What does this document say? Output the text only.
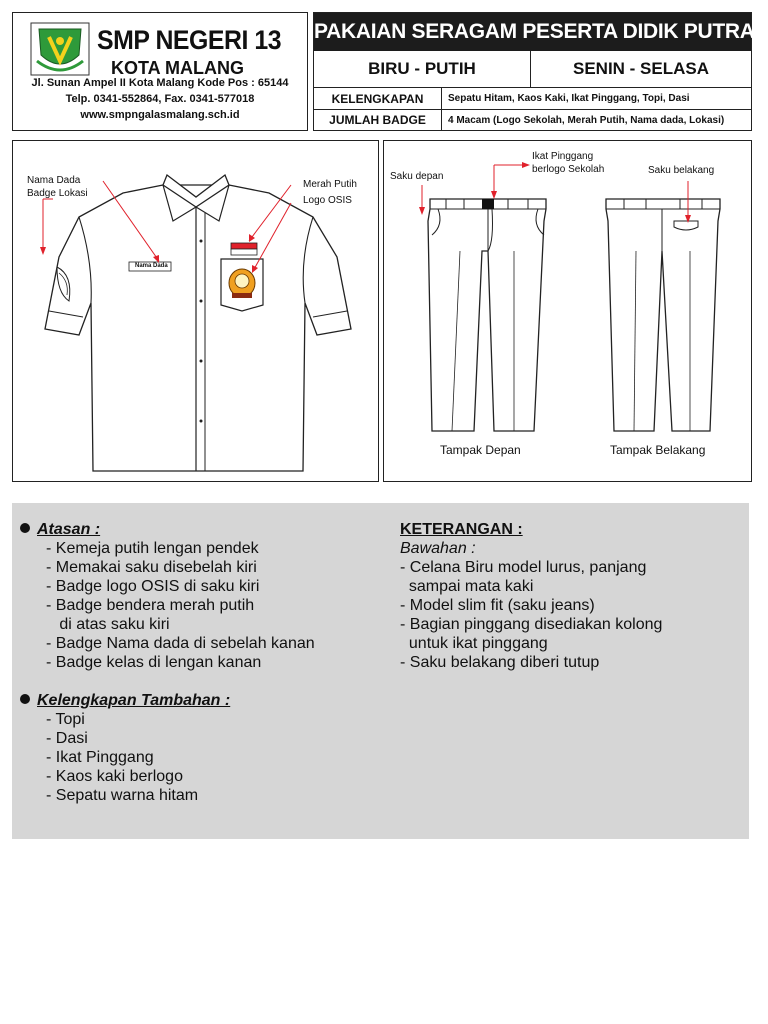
SMP NEGERI 13
KOTA MALANG
Jl. Sunan Ampel II Kota Malang Kode Pos : 65144
Telp. 0341-552864, Fax. 0341-577018
www.smpngalasmalang.sch.id
PAKAIAN SERAGAM PESERTA DIDIK PUTRA
BIRU - PUTIH	SENIN - SELASA
KELENGKAPAN	Sepatu Hitam, Kaos Kaki, Ikat Pinggang, Topi, Dasi
JUMLAH BADGE	4 Macam (Logo Sekolah, Merah Putih, Nama dada, Lokasi)
Nama Dada
Badge Lokasi
Merah Putih
Logo OSIS
Nama Dada
Saku depan
Ikat Pinggang
berlogo Sekolah	Saku belakang
Tampak Depan	Tampak Belakang
Atasan :
- Kemeja putih lengan pendek
- Memakai saku disebelah kiri
- Badge logo OSIS di saku kiri
- Badge bendera merah putih
di atas saku kiri
- Badge Nama dada di sebelah kanan
- Badge kelas di lengan kanan
Kelengkapan Tambahan :
- Topi
- Dasi
- Ikat Pinggang
- Kaos kaki berlogo
- Sepatu warna hitam
KETERANGAN :
Bawahan :
- Celana Biru model lurus, panjang
sampai mata kaki
- Model slim fit (saku jeans)
- Bagian pinggang disediakan kolong
untuk ikat pinggang
- Saku belakang diberi tutup
